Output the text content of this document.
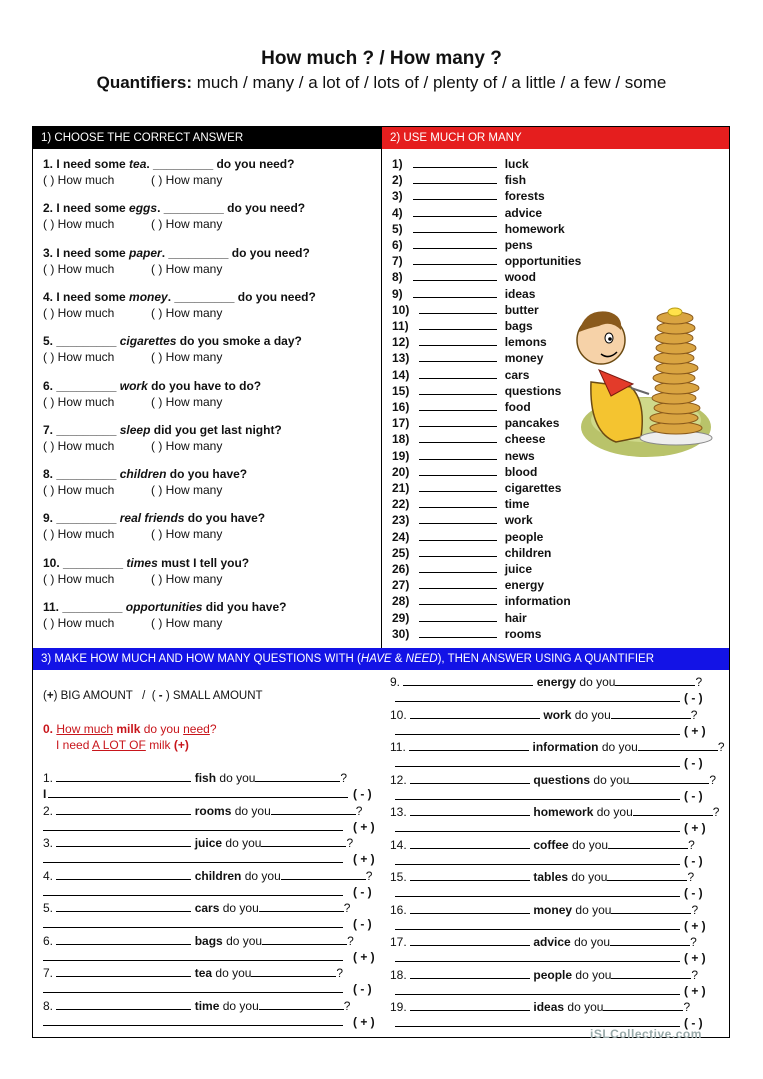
How much ? / How many ?
Quantifiers: much / many / a lot of / lots of / plenty of / a little / a few / some
1) CHOOSE THE CORRECT ANSWER	2) USE MUCH OR MANY
1. I need some tea. _________ do you need?
( ) How much	( ) How many
2. I need some eggs. _________ do you need?
( ) How much	( ) How many
3. I need some paper. _________ do you need?
( ) How much	( ) How many
4. I need some money. _________ do you need?
( ) How much	( ) How many
5. _________ cigarettes do you smoke a day?
( ) How much	( ) How many
6. _________ work do you have to do?
( ) How much	( ) How many
7. _________ sleep did you get last night?
( ) How much	( ) How many
8. _________ children do you have?
( ) How much	( ) How many
9. _________ real friends do you have?
( ) How much	( ) How many
10. _________ times must I tell you?
( ) How much	( ) How many
11. _________ opportunities did you have?
( ) How much	( ) How many
1)	luck
2)	fish
3)	forests
4)	advice
5)	homework
6)	pens
7)	opportunities
8)	wood
9)	ideas
10)	butter
11)	bags
12)	lemons
13)	money
14)	cars
15)	questions
16)	food
17)	pancakes
18)	cheese
19)	news
20)	blood
21)	cigarettes
22)	time
23)	work
24)	people
25)	children
26)	juice
27)	energy
28)	information
29)	hair
30)	rooms
3) MAKE HOW MUCH AND HOW MANY QUESTIONS WITH (HAVE & NEED), THEN ANSWER USING A QUANTIFIER
(+) BIG AMOUNT   /  ( - ) SMALL AMOUNT
0. How much milk do you need?
I need A LOT OF milk (+)
1.	fish do you	?
I	( - )
2.	rooms do you	?
( + )
3.	juice do you	?
( + )
4.	children do you	?
( - )
5.	cars do you	?
( - )
6.	bags do you	?
( + )
7.	tea do you	?
( - )
8.	time do you	?
( + )
9.	energy do you	?
( - )
10.	work do you	?
( + )
11.	information do you	?
( - )
12.	questions do you	?
( - )
13.	homework do you	?
( + )
14.	coffee do you	?
( - )
15.	tables do you	?
( - )
16.	money do you	?
( + )
17.	advice do you	?
( + )
18.	people do you	?
( + )
19.	ideas do you	?
( - )
iSLCollective.com
